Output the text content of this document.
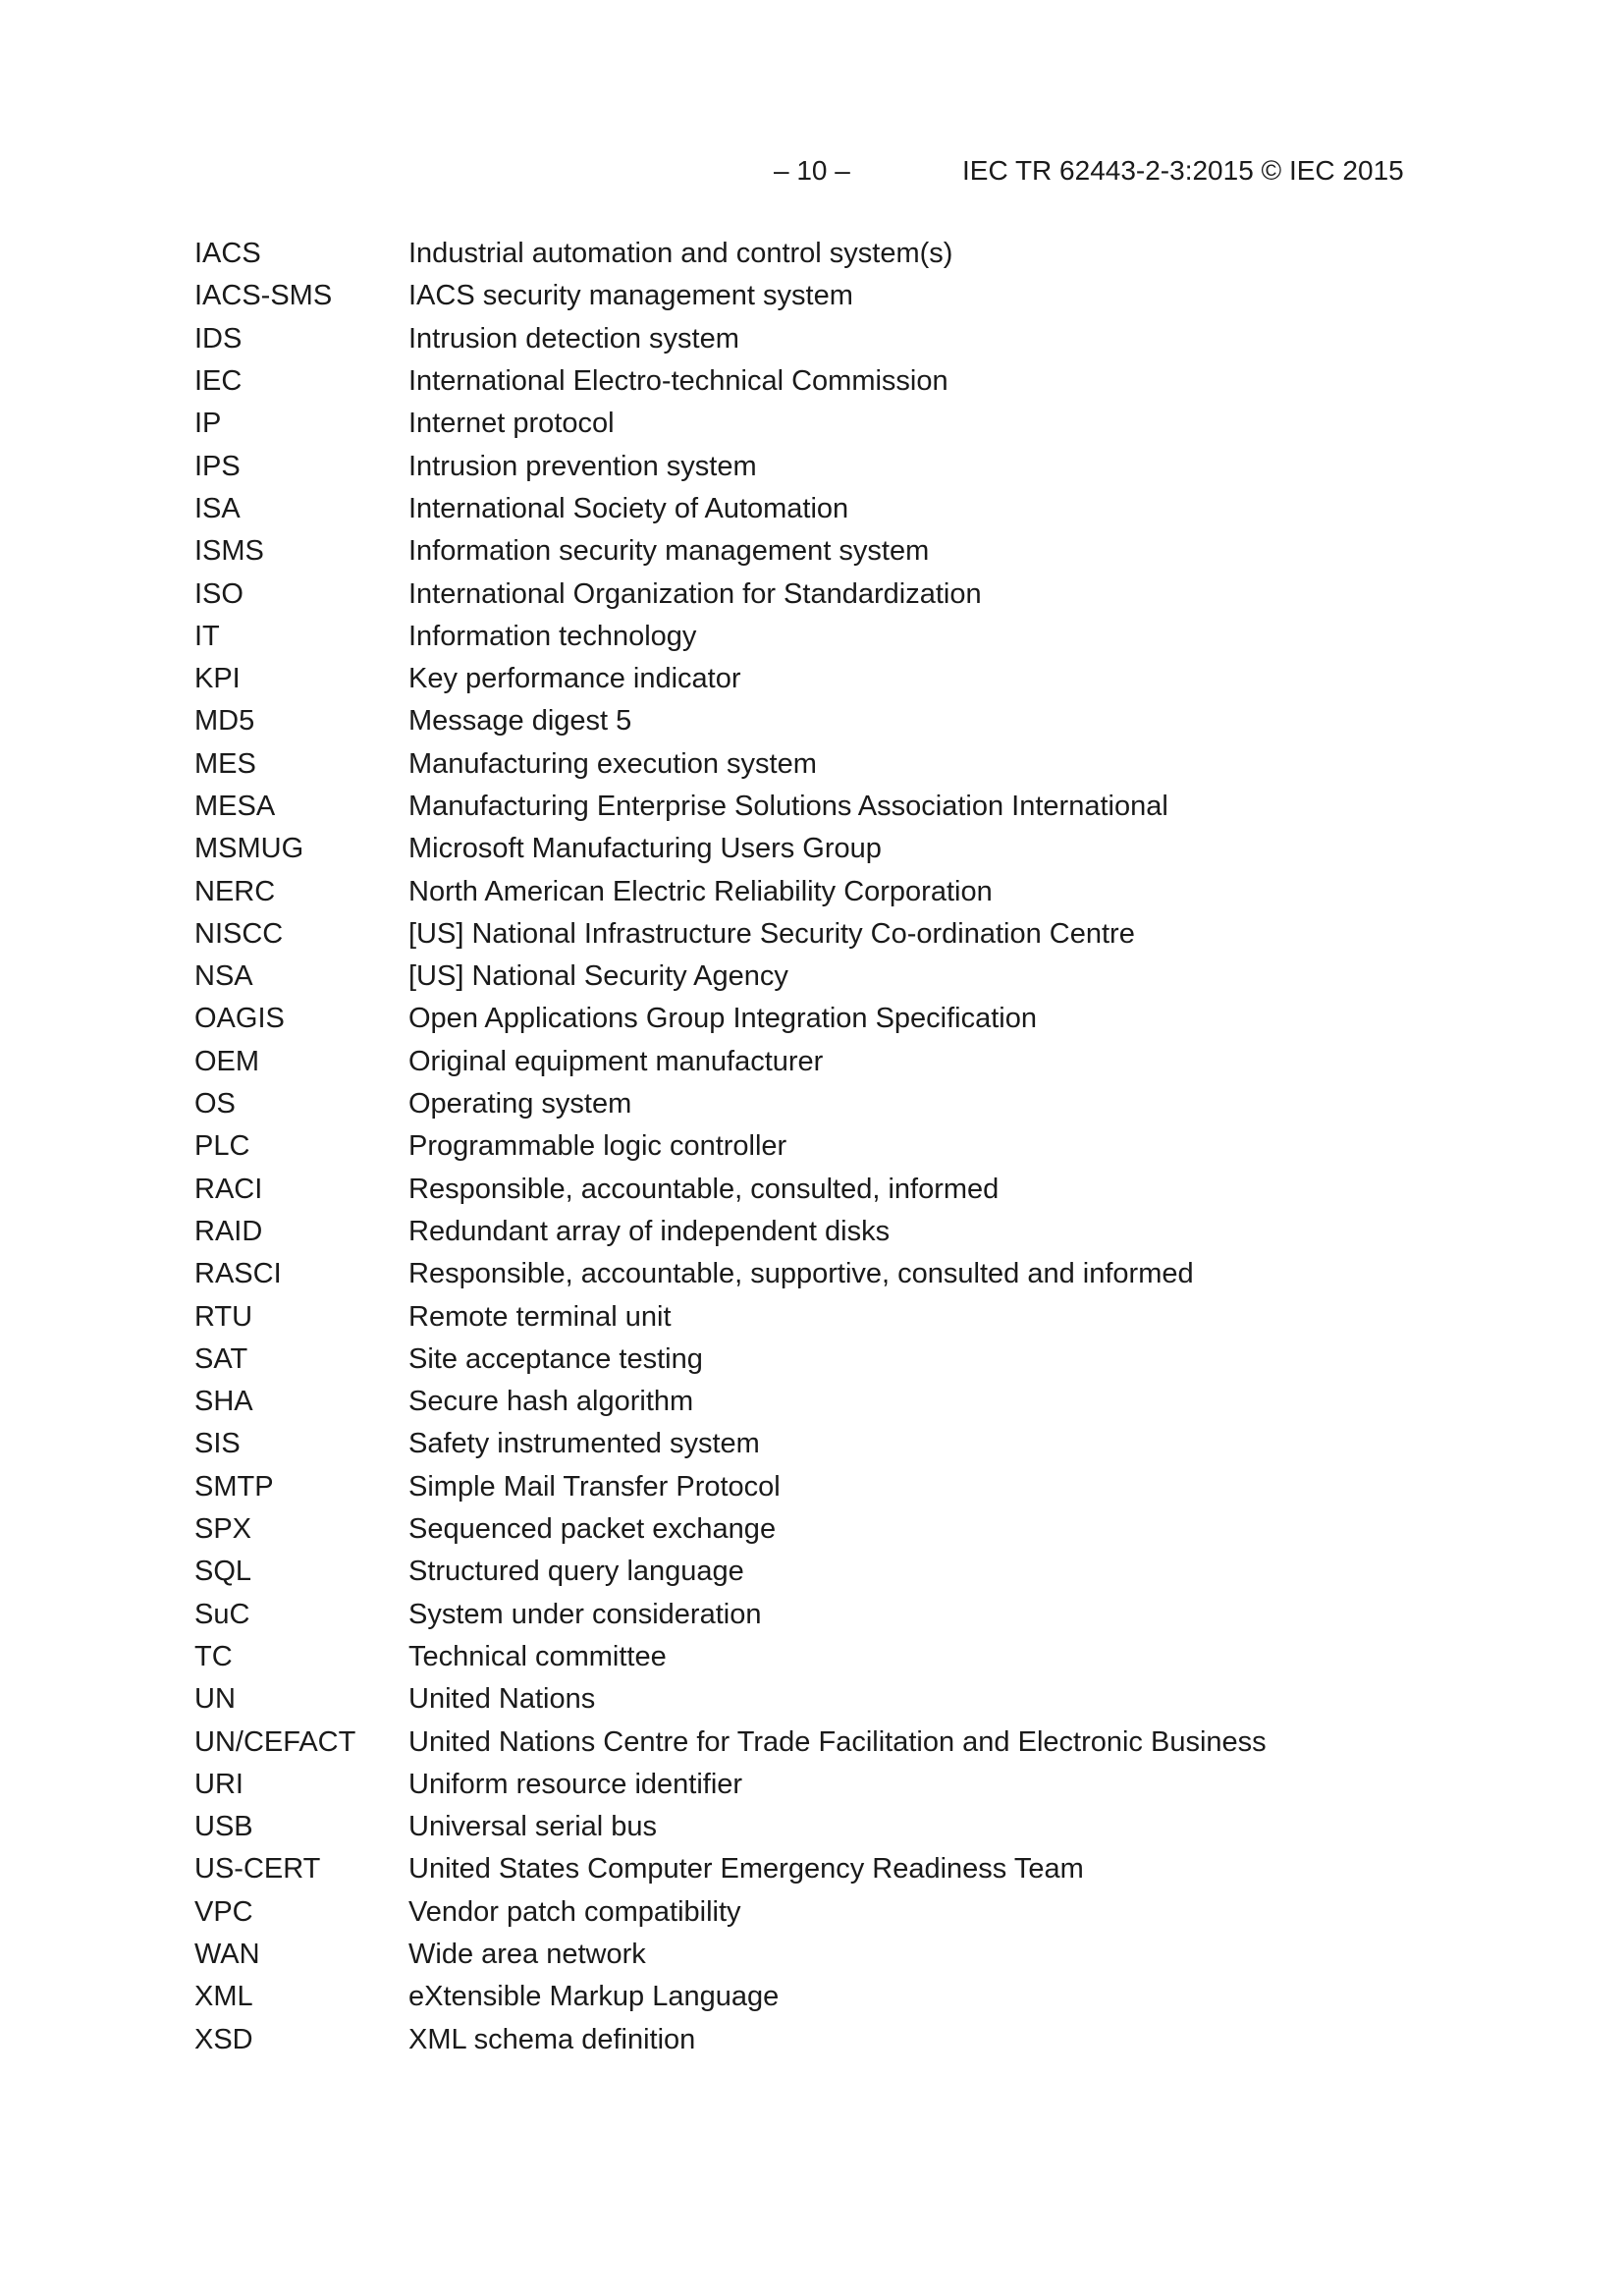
– 10 –	IEC TR 62443-2-3:2015 © IEC 2015
IACS	Industrial automation and control system(s)
IACS-SMS	IACS security management system
IDS	Intrusion detection system
IEC	International Electro-technical Commission
IP	Internet protocol
IPS	Intrusion prevention system
ISA	International Society of Automation
ISMS	Information security management system
ISO	International Organization for Standardization
IT	Information technology
KPI	Key performance indicator
MD5	Message digest 5
MES	Manufacturing execution system
MESA	Manufacturing Enterprise Solutions Association International
MSMUG	Microsoft Manufacturing Users Group
NERC	North American Electric Reliability Corporation
NISCC	[US] National Infrastructure Security Co-ordination Centre
NSA	[US] National Security Agency
OAGIS	Open Applications Group Integration Specification
OEM	Original equipment manufacturer
OS	Operating system
PLC	Programmable logic controller
RACI	Responsible, accountable, consulted, informed
RAID	Redundant array of independent disks
RASCI	Responsible, accountable, supportive, consulted and informed
RTU	Remote terminal unit
SAT	Site acceptance testing
SHA	Secure hash algorithm
SIS	Safety instrumented system
SMTP	Simple Mail Transfer Protocol
SPX	Sequenced packet exchange
SQL	Structured query language
SuC	System under consideration
TC	Technical committee
UN	United Nations
UN/CEFACT	United Nations Centre for Trade Facilitation and Electronic Business
URI	Uniform resource identifier
USB	Universal serial bus
US-CERT	United States Computer Emergency Readiness Team
VPC	Vendor patch compatibility
WAN	Wide area network
XML	eXtensible Markup Language
XSD	XML schema definition
